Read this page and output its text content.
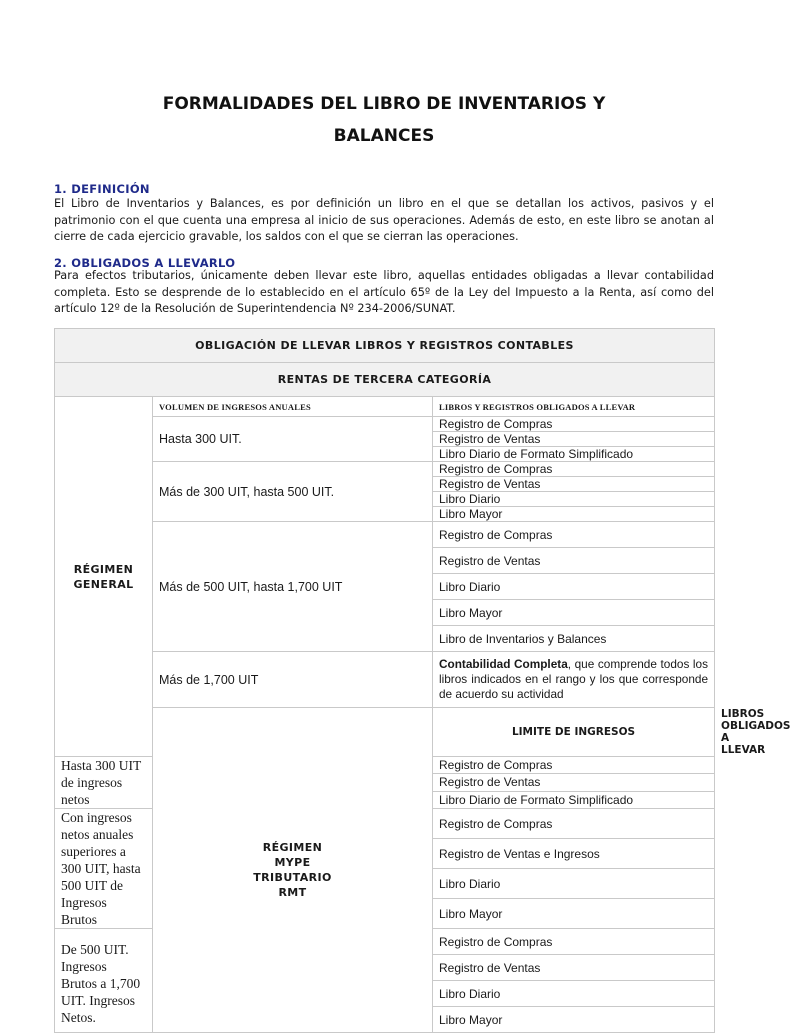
FORMALIDADES DEL LIBRO DE INVENTARIOS Y
BALANCES
1. DEFINICIÓN
El Libro de Inventarios y Balances, es por definición un libro en el que se detallan los activos, pasivos y el patrimonio con el que cuenta una empresa al inicio de sus operaciones. Además de esto, en este libro se anotan al cierre de cada ejercicio gravable, los saldos con el que se cierran las operaciones.
2. OBLIGADOS A LLEVARLO
Para efectos tributarios, únicamente deben llevar este libro, aquellas entidades obligadas a llevar contabilidad completa. Esto se desprende de lo establecido en el artículo 65º de la Ley del Impuesto a la Renta, así como del artículo 12º de la Resolución de Superintendencia Nº 234-2006/SUNAT.
OBLIGACIÓN DE LLEVAR LIBROS Y REGISTROS CONTABLES			
RENTAS DE TERCERA CATEGORÍA			
RÉGIMEN
GENERAL	VOLUMEN DE INGRESOS ANUALES	LIBROS Y REGISTROS OBLIGADOS A LLEVAR	
	Hasta 300 UIT.	Registro de Compras	
		Registro de Ventas	
		Libro Diario de Formato Simplificado	
	Más de 300 UIT, hasta 500 UIT.	Registro de Compras	
		Registro de Ventas	
		Libro Diario	
		Libro Mayor	
	Más de 500 UIT, hasta 1,700 UIT	Registro de Compras	
		Registro de Ventas	
		Libro Diario	
		Libro Mayor	
		Libro de Inventarios y Balances	
	Más de 1,700 UIT	Contabilidad Completa, que comprende todos los libros indicados en el rango y los que corresponde de acuerdo su actividad	
	RÉGIMEN
MYPE
TRIBUTARIO
RMT	LIMITE DE INGRESOS	LIBROS OBLIGADOS A LLEVAR
Hasta 300 UIT de ingresos netos		Registro de Compras	
		Registro de Ventas	
		Libro Diario de Formato Simplificado	
Con ingresos netos anuales superiores a 300 UIT, hasta 500 UIT de Ingresos Brutos		Registro de Compras	
		Registro de Ventas e Ingresos	
		Libro Diario	
		Libro Mayor	
De 500 UIT. Ingresos Brutos a 1,700 UIT. Ingresos Netos.		Registro de Compras	
		Registro de Ventas	
		Libro Diario	
		Libro Mayor	
